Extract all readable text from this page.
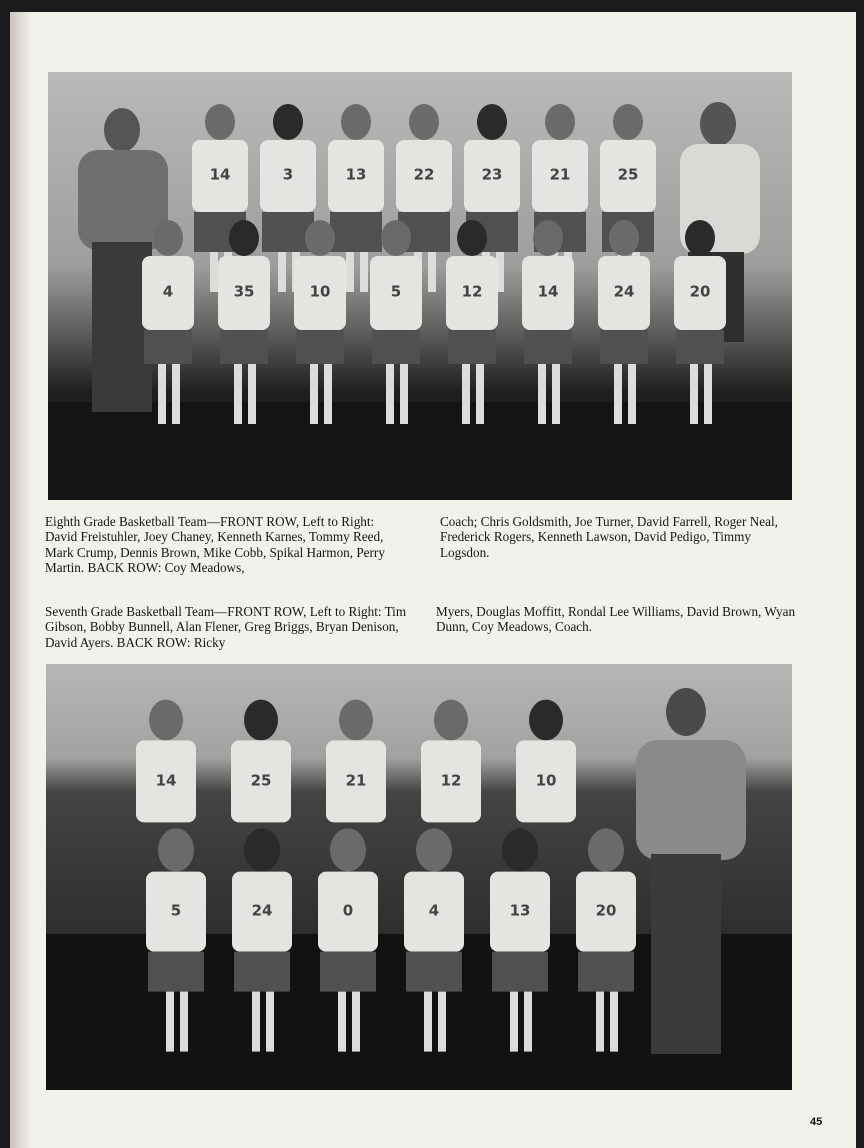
14	3	13	22	23	21	25
4	35	10	5	12	14	24	20

Eighth Grade Basketball Team—FRONT ROW, Left to Right: David Freistuhler, Joey Chaney, Kenneth Karnes, Tommy Reed, Mark Crump, Dennis Brown, Mike Cobb, Spikal Harmon, Perry Martin. BACK ROW: Coy Meadows,

Coach; Chris Goldsmith, Joe Turner, David Farrell, Roger Neal, Frederick Rogers, Kenneth Lawson, David Pedigo, Timmy Logsdon.

Seventh Grade Basketball Team—FRONT ROW, Left to Right: Tim Gibson, Bobby Bunnell, Alan Flener, Greg Briggs, Bryan Denison, David Ayers. BACK ROW: Ricky

Myers, Douglas Moffitt, Rondal Lee Williams, David Brown, Wyan Dunn, Coy Meadows, Coach.

14	25	21	12	10
5	24	0	4	13	20
45
